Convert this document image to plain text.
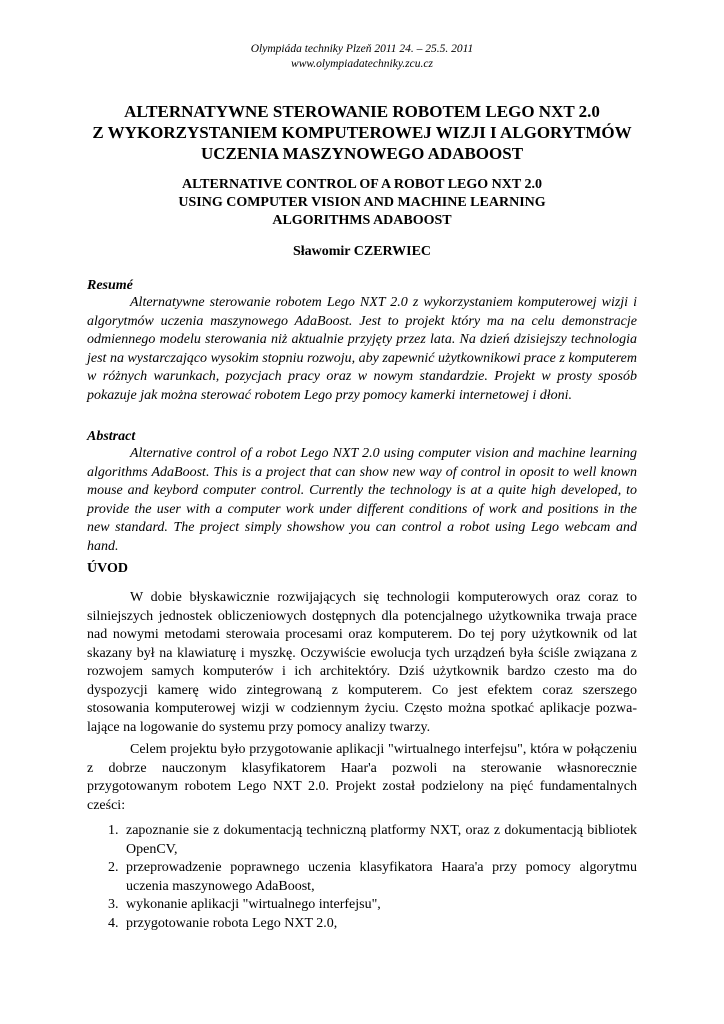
Olympiáda techniky Plzeň 2011 24. – 25.5. 2011
www.olympiadatechniky.zcu.cz
ALTERNATYWNE STEROWANIE ROBOTEM LEGO NXT 2.0
Z WYKORZYSTANIEM KOMPUTEROWEJ WIZJI I ALGORYTMÓW
UCZENIA MASZYNOWEGO ADABOOST
ALTERNATIVE CONTROL OF A ROBOT LEGO NXT 2.0
USING COMPUTER VISION AND MACHINE LEARNING
ALGORITHMS ADABOOST
Sławomir CZERWIEC
Resumé

Alternatywne sterowanie robotem Lego NXT 2.0 z wykorzystaniem komputerowej wizji i algorytmów uczenia maszynowego AdaBoost. Jest to projekt który ma na celu demonstracje odmiennego modelu sterowania niż aktualnie przyjęty przez lata. Na dzień dzisiejszy technologia jest na wystarczająco wysokim stopniu rozwoju, aby zapewnić użytkownikowi prace z komputerem w różnych warunkach, pozycjach pracy oraz w nowym standardzie. Projekt w prosty sposób pokazuje jak można sterować robotem Lego przy pomocy kamerki internetowej i dłoni.

Abstract

Alternative control of a robot Lego NXT 2.0 using computer vision and machine learning algorithms AdaBoost. This is a project that can show new way of control in oposit to well known mouse and keybord computer control. Currently the technology is at a quite high developed, to provide the user with a computer work under different conditions of work and positions in the new standard. The project simply showshow you can control a robot using Lego webcam and hand.

ÚVOD

W dobie błyskawicznie rozwijających się technologii komputerowych oraz coraz to silniejszych jednostek obliczeniowych dostępnych dla potencjalnego użytkownika trwaja prace nad nowymi metodami sterowaia procesami oraz komputerem. Do tej pory użytkownik od lat skazany był na klawiaturę i myszkę. Oczywiście ewolucja tych urządzeń była ściśle związana z rozwojem samych komputerów i ich architektóry. Dziś użytkownik bardzo czesto ma do dyspozycji kamerę wido zintegrowaną z komputerem. Co jest efektem coraz szerszego stosowania komputerowej wizji w codziennym życiu. Często można spotkać aplikacje pozwalające na logowanie do systemu przy pomocy analizy twarzy.

Celem projektu było przygotowanie aplikacji "wirtualnego interfejsu", która w połączeniu z dobrze nauczonym klasyfikatorem Haar'a pozwoli na sterowanie własnorecznie przygotowanym robotem Lego NXT 2.0. Projekt został podzielony na pięć fundamentalnych cześci:

1. zapoznanie sie z dokumentacją techniczną platformy NXT, oraz z dokumentacją bibliotek OpenCV,
2. przeprowadzenie poprawnego uczenia klasyfikatora Haara'a przy pomocy algorytmu uczenia maszynowego AdaBoost,
3. wykonanie aplikacji "wirtualnego interfejsu",
4. przygotowanie robota Lego NXT 2.0,
